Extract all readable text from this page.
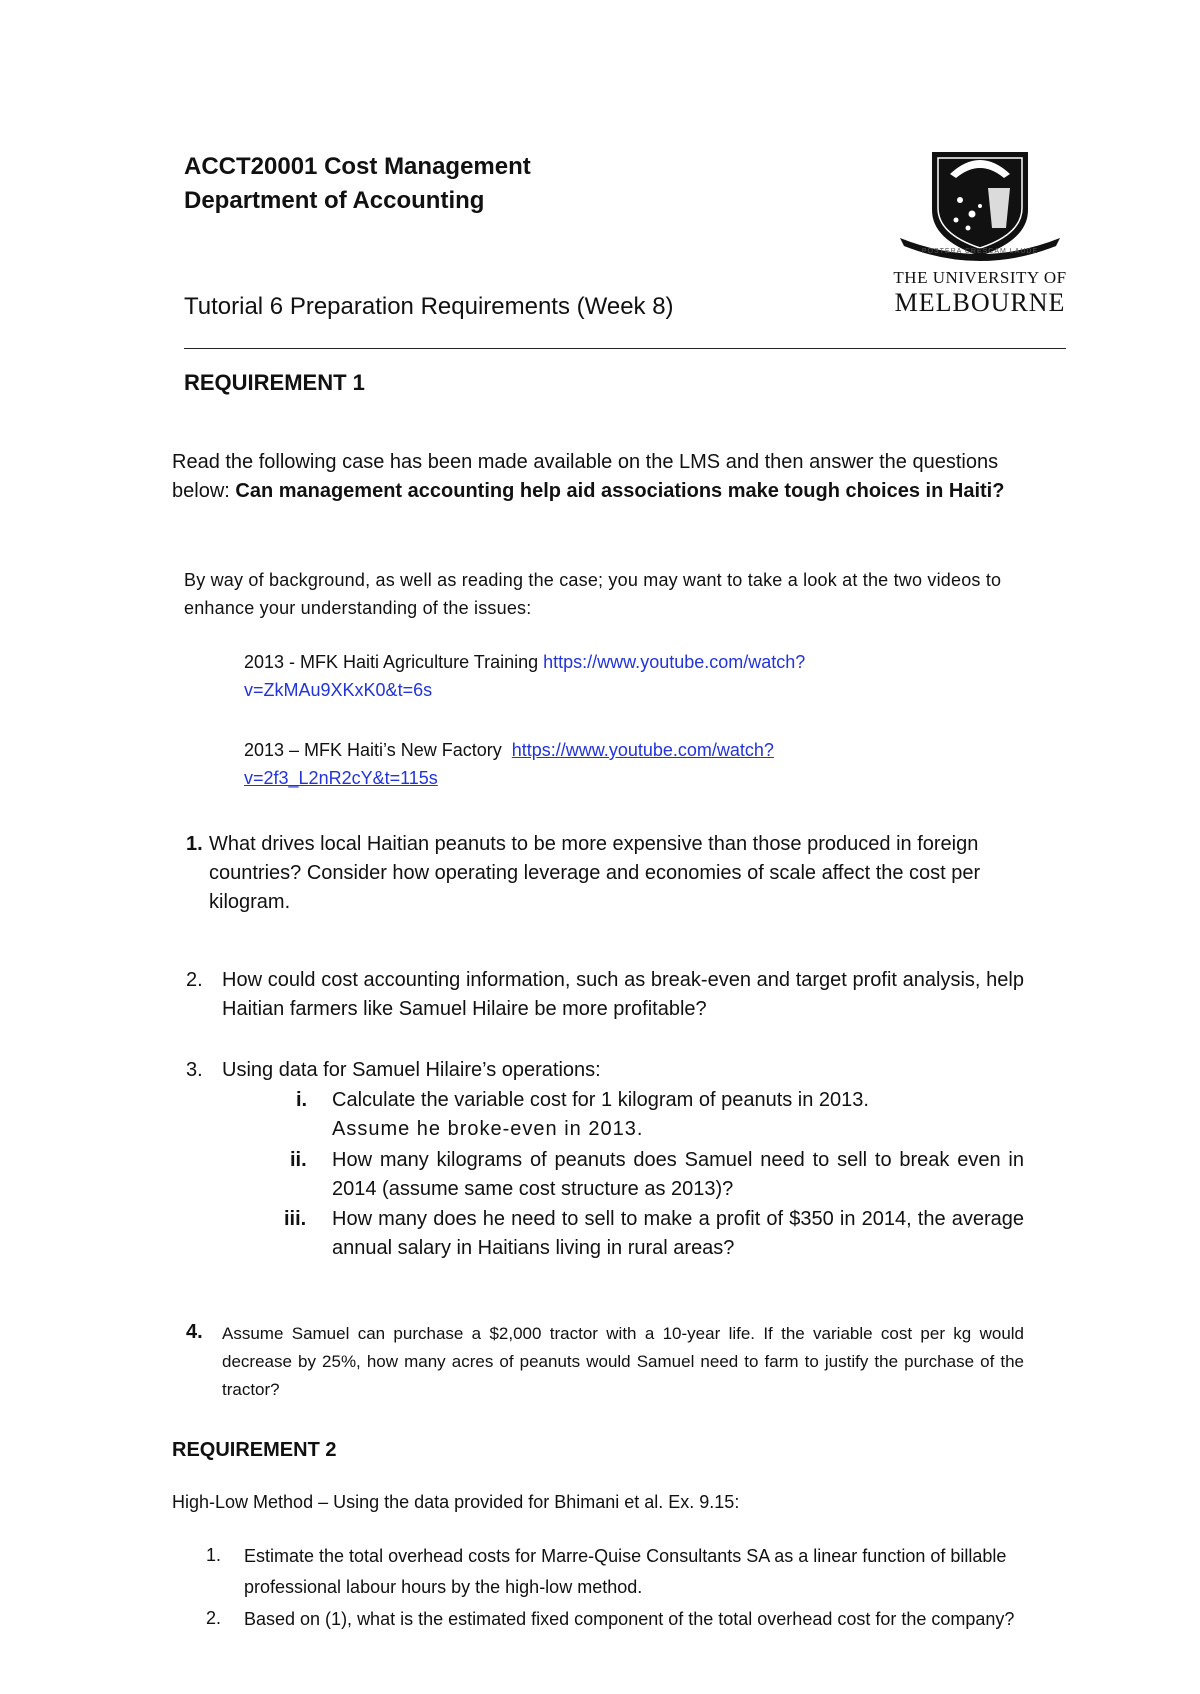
ACCT20001 Cost Management
Department of Accounting
Tutorial 6 Preparation Requirements (Week 8)
POSTERA CRESCAM LAUDE
THE UNIVERSITY OF
MELBOURNE
REQUIREMENT 1
Read the following case has been made available on the LMS and then answer the questions below: Can management accounting help aid associations make tough choices in Haiti?
By way of background, as well as reading the case; you may want to take a look at the two videos to enhance your understanding of the issues:
2013 - MFK Haiti Agriculture Training https://www.youtube.com/watch?
v=ZkMAu9XKxK0&t=6s
2013 – MFK Haiti’s New Factory https://www.youtube.com/watch?
v=2f3_L2nR2cY&t=115s
1. What drives local Haitian peanuts to be more expensive than those produced in foreign countries? Consider how operating leverage and economies of scale affect the cost per kilogram.
2. How could cost accounting information, such as break-even and target profit analysis, help Haitian farmers like Samuel Hilaire be more profitable?
3. Using data for Samuel Hilaire’s operations:
i. Calculate the variable cost for 1 kilogram of peanuts in 2013.
Assume he broke-even in 2013.
ii. How many kilograms of peanuts does Samuel need to sell to break even in 2014 (assume same cost structure as 2013)?
iii. How many does he need to sell to make a profit of $350 in 2014, the average annual salary in Haitians living in rural areas?
4. Assume Samuel can purchase a $2,000 tractor with a 10-year life. If the variable cost per kg would decrease by 25%, how many acres of peanuts would Samuel need to farm to justify the purchase of the tractor?
REQUIREMENT 2
High-Low Method – Using the data provided for Bhimani et al. Ex. 9.15:
1. Estimate the total overhead costs for Marre-Quise Consultants SA as a linear function of billable professional labour hours by the high-low method.
2. Based on (1), what is the estimated fixed component of the total overhead cost for the company?
